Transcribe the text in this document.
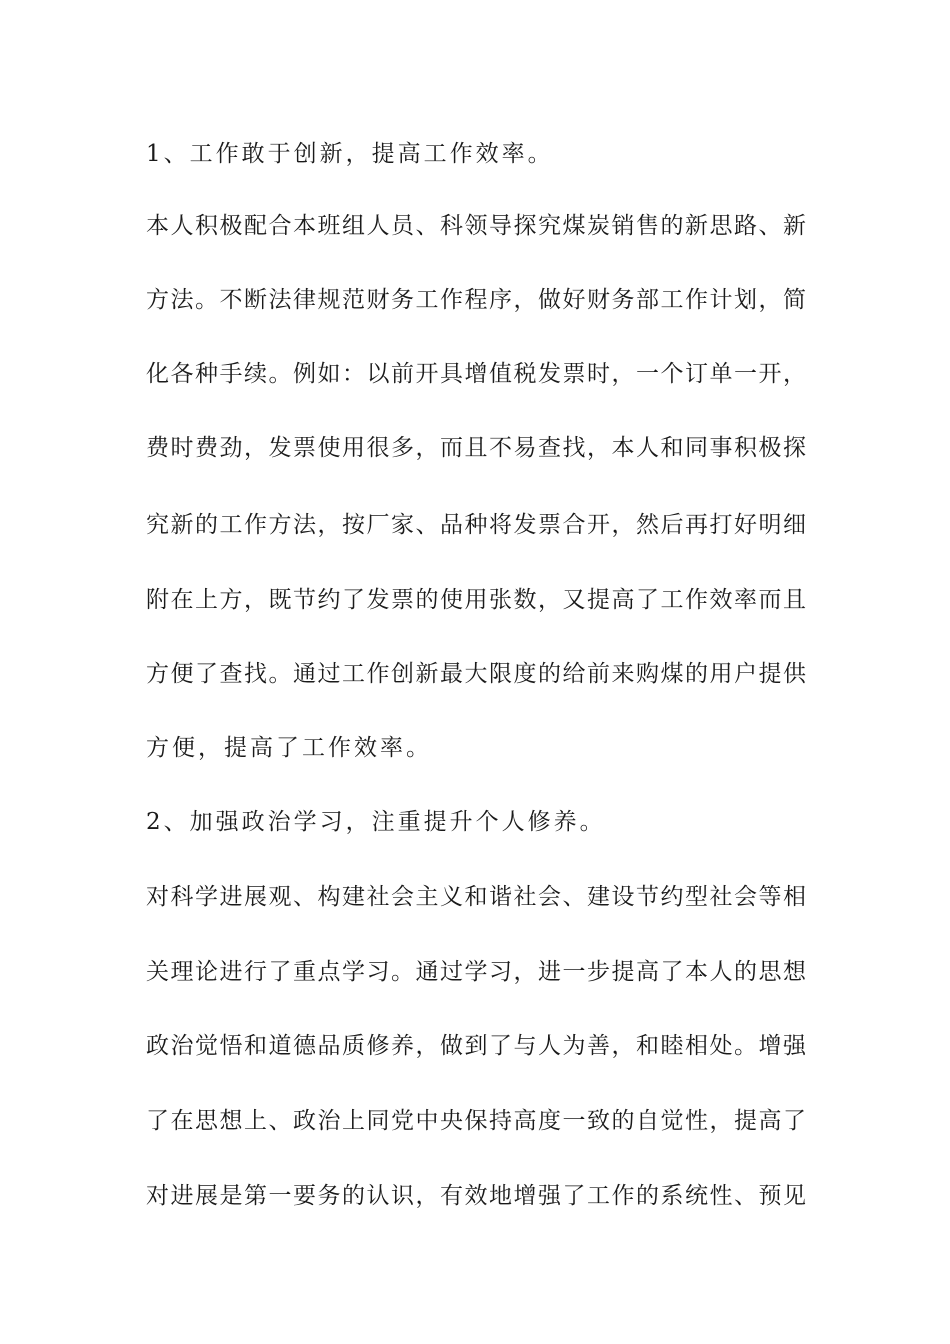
1、工作敢于创新，提高工作效率。
本人积极配合本班组人员、科领导探究煤炭销售的新思路、新
方法。不断法律规范财务工作程序，做好财务部工作计划，简
化各种手续。例如：以前开具增值税发票时，一个订单一开，
费时费劲，发票使用很多，而且不易查找，本人和同事积极探
究新的工作方法，按厂家、品种将发票合开，然后再打好明细
附在上方，既节约了发票的使用张数，又提高了工作效率而且
方便了查找。通过工作创新最大限度的给前来购煤的用户提供
方便，提高了工作效率。
2、加强政治学习，注重提升个人修养。
对科学进展观、构建社会主义和谐社会、建设节约型社会等相
关理论进行了重点学习。通过学习，进一步提高了本人的思想
政治觉悟和道德品质修养，做到了与人为善，和睦相处。增强
了在思想上、政治上同党中央保持高度一致的自觉性，提高了
对进展是第一要务的认识，有效地增强了工作的系统性、预见
